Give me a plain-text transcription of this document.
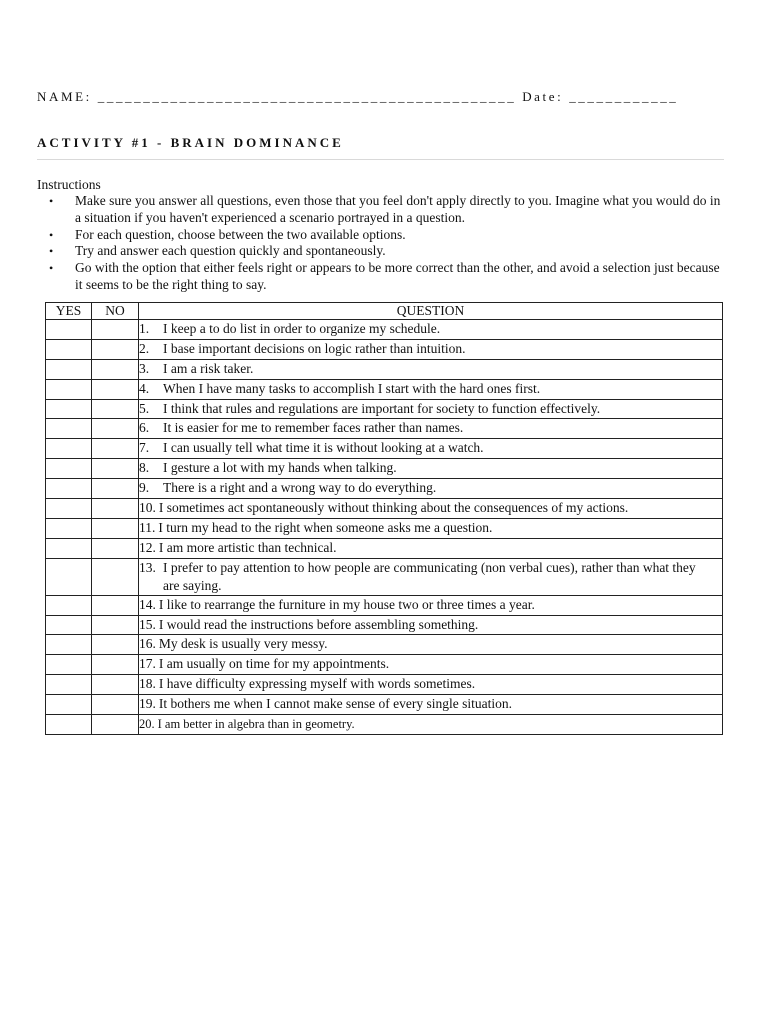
NAME: ______________________________________________ Date: ____________
ACTIVITY #1 - BRAIN DOMINANCE
Instructions
• Make sure you answer all questions, even those that you feel don't apply directly to you. Imagine what you would do in a situation if you haven't experienced a scenario portrayed in a question.
• For each question, choose between the two available options.
• Try and answer each question quickly and spontaneously.
• Go with the option that either feels right or appears to be more correct than the other, and avoid a selection just because it seems to be the right thing to say.
YES	NO	QUESTION
		1. I keep a to do list in order to organize my schedule.
		2. I base important decisions on logic rather than intuition.
		3. I am a risk taker.
		4. When I have many tasks to accomplish I start with the hard ones first.
		5. I think that rules and regulations are important for society to function effectively.
		6. It is easier for me to remember faces rather than names.
		7. I can usually tell what time it is without looking at a watch.
		8. I gesture a lot with my hands when talking.
		9. There is a right and a wrong way to do everything.
		10. I sometimes act spontaneously without thinking about the consequences of my actions.
		11. I turn my head to the right when someone asks me a question.
		12. I am more artistic than technical.
		13. I prefer to pay attention to how people are communicating (non verbal cues), rather than what they are saying.
		14. I like to rearrange the furniture in my house two or three times a year.
		15. I would read the instructions before assembling something.
		16. My desk is usually very messy.
		17. I am usually on time for my appointments.
		18. I have difficulty expressing myself with words sometimes.
		19. It bothers me when I cannot make sense of every single situation.
		20. I am better in algebra than in geometry.
